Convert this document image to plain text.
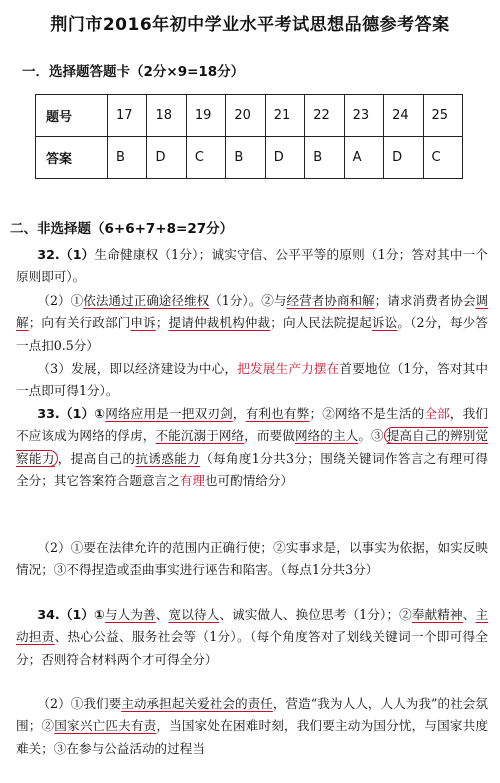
荆门市2016年初中学业水平考试思想品德参考答案
一．选择题答题卡（2分×9=18分）
题号	17	18	19	20	21	22	23	24	25
答案	B	D	C	B	D	B	A	D	C
二、非选择题（6+6+7+8=27分）

32.（1）生命健康权（1分）；诚实守信、公平平等的原则（1分；答对其中一个原则即可）。

（2）①依法通过正确途径维权（1分）。②与经营者协商和解；请求消费者协会调解；向有关行政部门申诉；提请仲裁机构仲裁；向人民法院提起诉讼。（2分，每少答一点扣0.5分）

（3）发展，即以经济建设为中心，把发展生产力摆在首要地位（1分，答对其中一点即可得1分）。

33.（1）①网络应用是一把双刃剑，有利也有弊；②网络不是生活的全部，我们不应该成为网络的俘虏，不能沉溺于网络，而要做网络的主人。③ 提高自己的辨别觉察能力 ，提高自己的抗诱惑能力（每角度1分共3分；围绕关键词作答言之有理可得全分；其它答案符合题意言之有理也可酌情给分）

（2）①要在法律允许的范围内正确行使；②实事求是，以事实为依据，如实反映情况；③不得捏造或歪曲事实进行诬告和陷害。（每点1分共3分）

34.（1）①与人为善、宽以待人、诚实做人、换位思考（1分）；②奉献精神、主动担责、热心公益、服务社会等（1分）。（每个角度答对了划线关键词一个即可得全分；否则符合材料两个才可得全分）

（2）①我们要主动承担起关爱社会的责任，营造“我为人人，人人为我”的社会氛围；②国家兴亡匹夫有责，当国家处在困难时刻，我们要主动为国分忧，与国家共度难关；③在参与公益活动的过程当
